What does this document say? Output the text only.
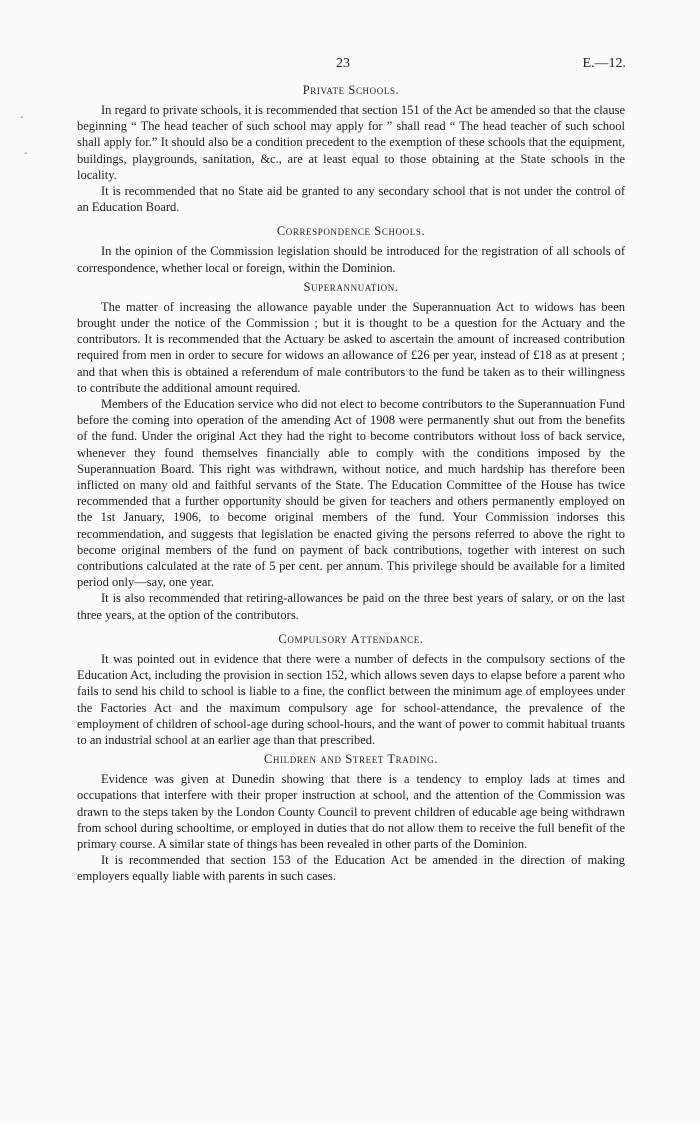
23	E.—12.
-
-
Private Schools.

In regard to private schools, it is recommended that section 151 of the Act be amended so that the clause beginning “ The head teacher of such school may apply for ” shall read “ The head teacher of such school shall apply for.” It should also be a condition precedent to the exemption of these schools that the equipment, buildings, playgrounds, sanitation, &c., are at least equal to those obtaining at the State schools in the locality.

It is recommended that no State aid be granted to any secondary school that is not under the control of an Education Board.

Correspondence Schools.

In the opinion of the Commission legislation should be introduced for the registration of all schools of correspondence, whether local or foreign, within the Dominion.

Superannuation.

The matter of increasing the allowance payable under the Superannuation Act to widows has been brought under the notice of the Commission ; but it is thought to be a question for the Actuary and the contributors. It is recommended that the Actuary be asked to ascertain the amount of increased contribution required from men in order to secure for widows an allowance of £26 per year, instead of £18 as at present ; and that when this is obtained a referendum of male contributors to the fund be taken as to their willingness to contribute the additional amount required.

Members of the Education service who did not elect to become contributors to the Superannuation Fund before the coming into operation of the amending Act of 1908 were permanently shut out from the benefits of the fund. Under the original Act they had the right to become contributors without loss of back service, whenever they found themselves financially able to comply with the conditions imposed by the Superannuation Board. This right was withdrawn, without notice, and much hardship has therefore been inflicted on many old and faithful servants of the State. The Education Committee of the House has twice recommended that a further opportunity should be given for teachers and others permanently employed on the 1st January, 1906, to become original members of the fund. Your Commission indorses this recommendation, and suggests that legislation be enacted giving the persons referred to above the right to become original members of the fund on payment of back contributions, together with interest on such contributions calculated at the rate of 5 per cent. per annum. This privilege should be available for a limited period only—say, one year.

It is also recommended that retiring-allowances be paid on the three best years of salary, or on the last three years, at the option of the contributors.

Compulsory Attendance.

It was pointed out in evidence that there were a number of defects in the compulsory sections of the Education Act, including the provision in section 152, which allows seven days to elapse before a parent who fails to send his child to school is liable to a fine, the conflict between the minimum age of employees under the Factories Act and the maximum compulsory age for school-attendance, the prevalence of the employment of children of school-age during school-hours, and the want of power to commit habitual truants to an industrial school at an earlier age than that prescribed.

Children and Street Trading.

Evidence was given at Dunedin showing that there is a tendency to employ lads at times and occupations that interfere with their proper instruction at school, and the attention of the Commission was drawn to the steps taken by the London County Council to prevent children of educable age being withdrawn from school during schooltime, or employed in duties that do not allow them to receive the full benefit of the primary course. A similar state of things has been revealed in other parts of the Dominion.

It is recommended that section 153 of the Education Act be amended in the direction of making employers equally liable with parents in such cases.
